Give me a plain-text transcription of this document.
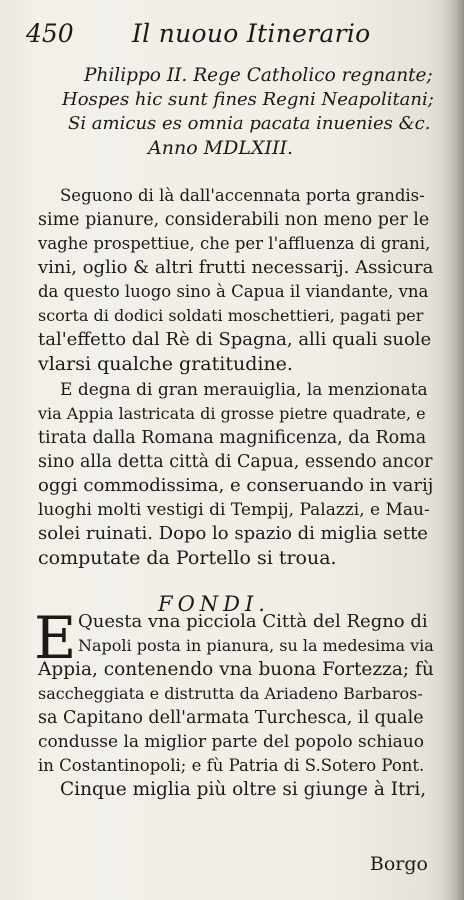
450 Il nuouo Itinerario
Philippo II. Rege Catholico regnante;
Hospes hic sunt fines Regni Neapolitani;
Si amicus es omnia pacata inuenies &c.
Anno MDLXIII.
Seguono di là dall'accennata porta grandis-
sime pianure, considerabili non meno per le
vaghe prospettiue, che per l'affluenza di grani,
vini, oglio & altri frutti necessarij. Assicura
da questo luogo sino à Capua il viandante, vna
scorta di dodici soldati moschettieri, pagati per
tal'effetto dal Rè di Spagna, alli quali suole
vlarsi qualche gratitudine.
E degna di gran merauiglia, la menzionata
via Appia lastricata di grosse pietre quadrate, e
tirata dalla Romana magnificenza, da Roma
sino alla detta città di Capua, essendo ancor
oggi commodissima, e conseruando in varij
luoghi molti vestigi di Tempij, Palazzi, e Mau-
solei ruinati. Dopo lo spazio di miglia sette
computate da Portello si troua.
FONDI.
E Questa vna picciola Città del Regno di
Napoli posta in pianura, su la medesima via
Appia, contenendo vna buona Fortezza; fù
saccheggiata e distrutta da Ariadeno Barbaros-
sa Capitano dell'armata Turchesca, il quale
condusse la miglior parte del popolo schiauo
in Costantinopoli; e fù Patria di S.Sotero Pont.
Cinque miglia più oltre si giunge à Itri,
Borgo
